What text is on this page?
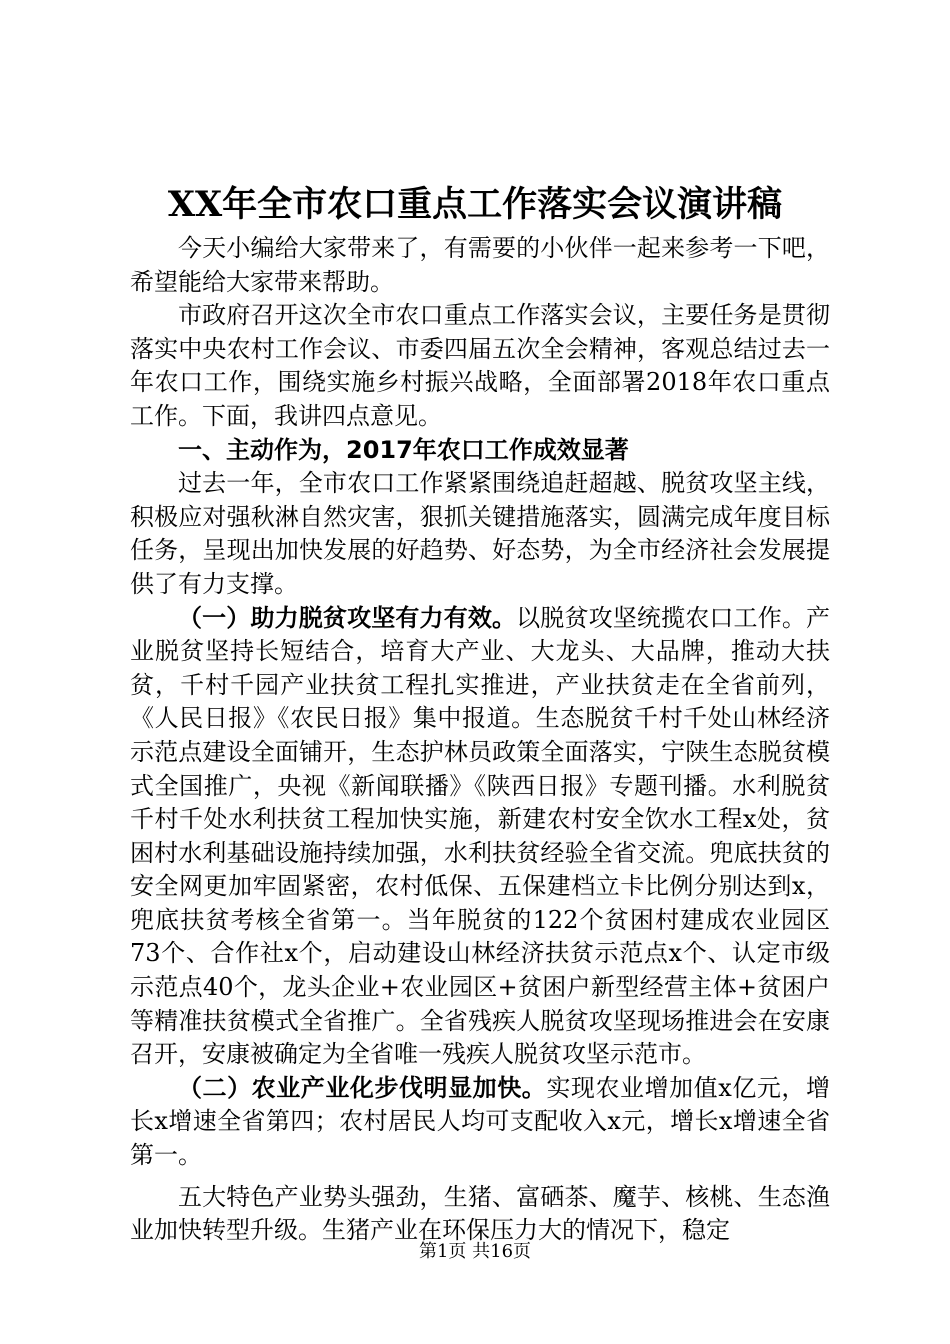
XX年全市农口重点工作落实会议演讲稿

今天小编给大家带来了，有需要的小伙伴一起来参考一下吧，希望能给大家带来帮助。

市政府召开这次全市农口重点工作落实会议，主要任务是贯彻落实中央农村工作会议、市委四届五次全会精神，客观总结过去一年农口工作，围绕实施乡村振兴战略，全面部署2018年农口重点工作。下面，我讲四点意见。

一、主动作为，2017年农口工作成效显著

过去一年，全市农口工作紧紧围绕追赶超越、脱贫攻坚主线，积极应对强秋淋自然灾害，狠抓关键措施落实，圆满完成年度目标任务，呈现出加快发展的好趋势、好态势，为全市经济社会发展提供了有力支撑。

（一）助力脱贫攻坚有力有效。以脱贫攻坚统揽农口工作。产业脱贫坚持长短结合，培育大产业、大龙头、大品牌，推动大扶贫，千村千园产业扶贫工程扎实推进，产业扶贫走在全省前列，《人民日报》《农民日报》集中报道。生态脱贫千村千处山林经济示范点建设全面铺开，生态护林员政策全面落实，宁陕生态脱贫模式全国推广，央视《新闻联播》《陕西日报》专题刊播。水利脱贫千村千处水利扶贫工程加快实施，新建农村安全饮水工程x处，贫困村水利基础设施持续加强，水利扶贫经验全省交流。兜底扶贫的安全网更加牢固紧密，农村低保、五保建档立卡比例分别达到x，兜底扶贫考核全省第一。当年脱贫的122个贫困村建成农业园区73个、合作社x个，启动建设山林经济扶贫示范点x个、认定市级示范点40个，龙头企业+农业园区+贫困户新型经营主体+贫困户等精准扶贫模式全省推广。全省残疾人脱贫攻坚现场推进会在安康召开，安康被确定为全省唯一残疾人脱贫攻坚示范市。

（二）农业产业化步伐明显加快。实现农业增加值x亿元，增长x增速全省第四；农村居民人均可支配收入x元，增长x增速全省第一。

五大特色产业势头强劲，生猪、富硒茶、魔芋、核桃、生态渔业加快转型升级。生猪产业在环保压力大的情况下，稳定

第1页 共16页
